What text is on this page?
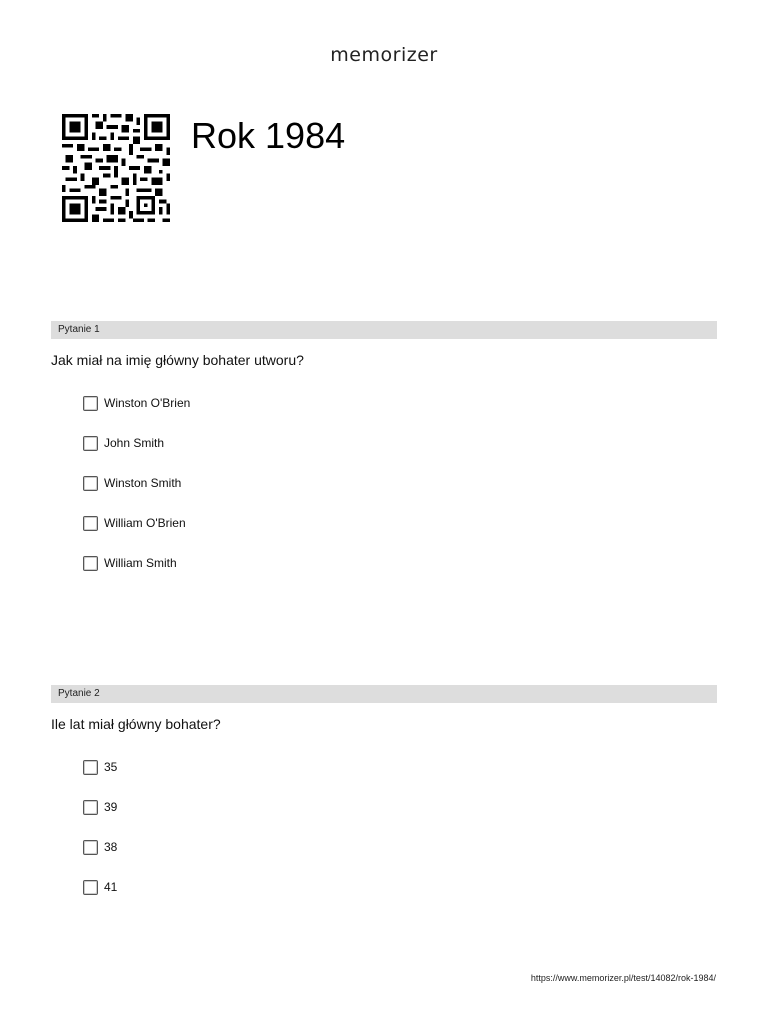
memorizer
Rok 1984
Pytanie 1
Jak miał na imię główny bohater utworu?
Winston O'Brien
John Smith
Winston Smith
William O'Brien
William Smith
Pytanie 2
Ile lat miał główny bohater?
35
39
38
41
https://www.memorizer.pl/test/14082/rok-1984/
